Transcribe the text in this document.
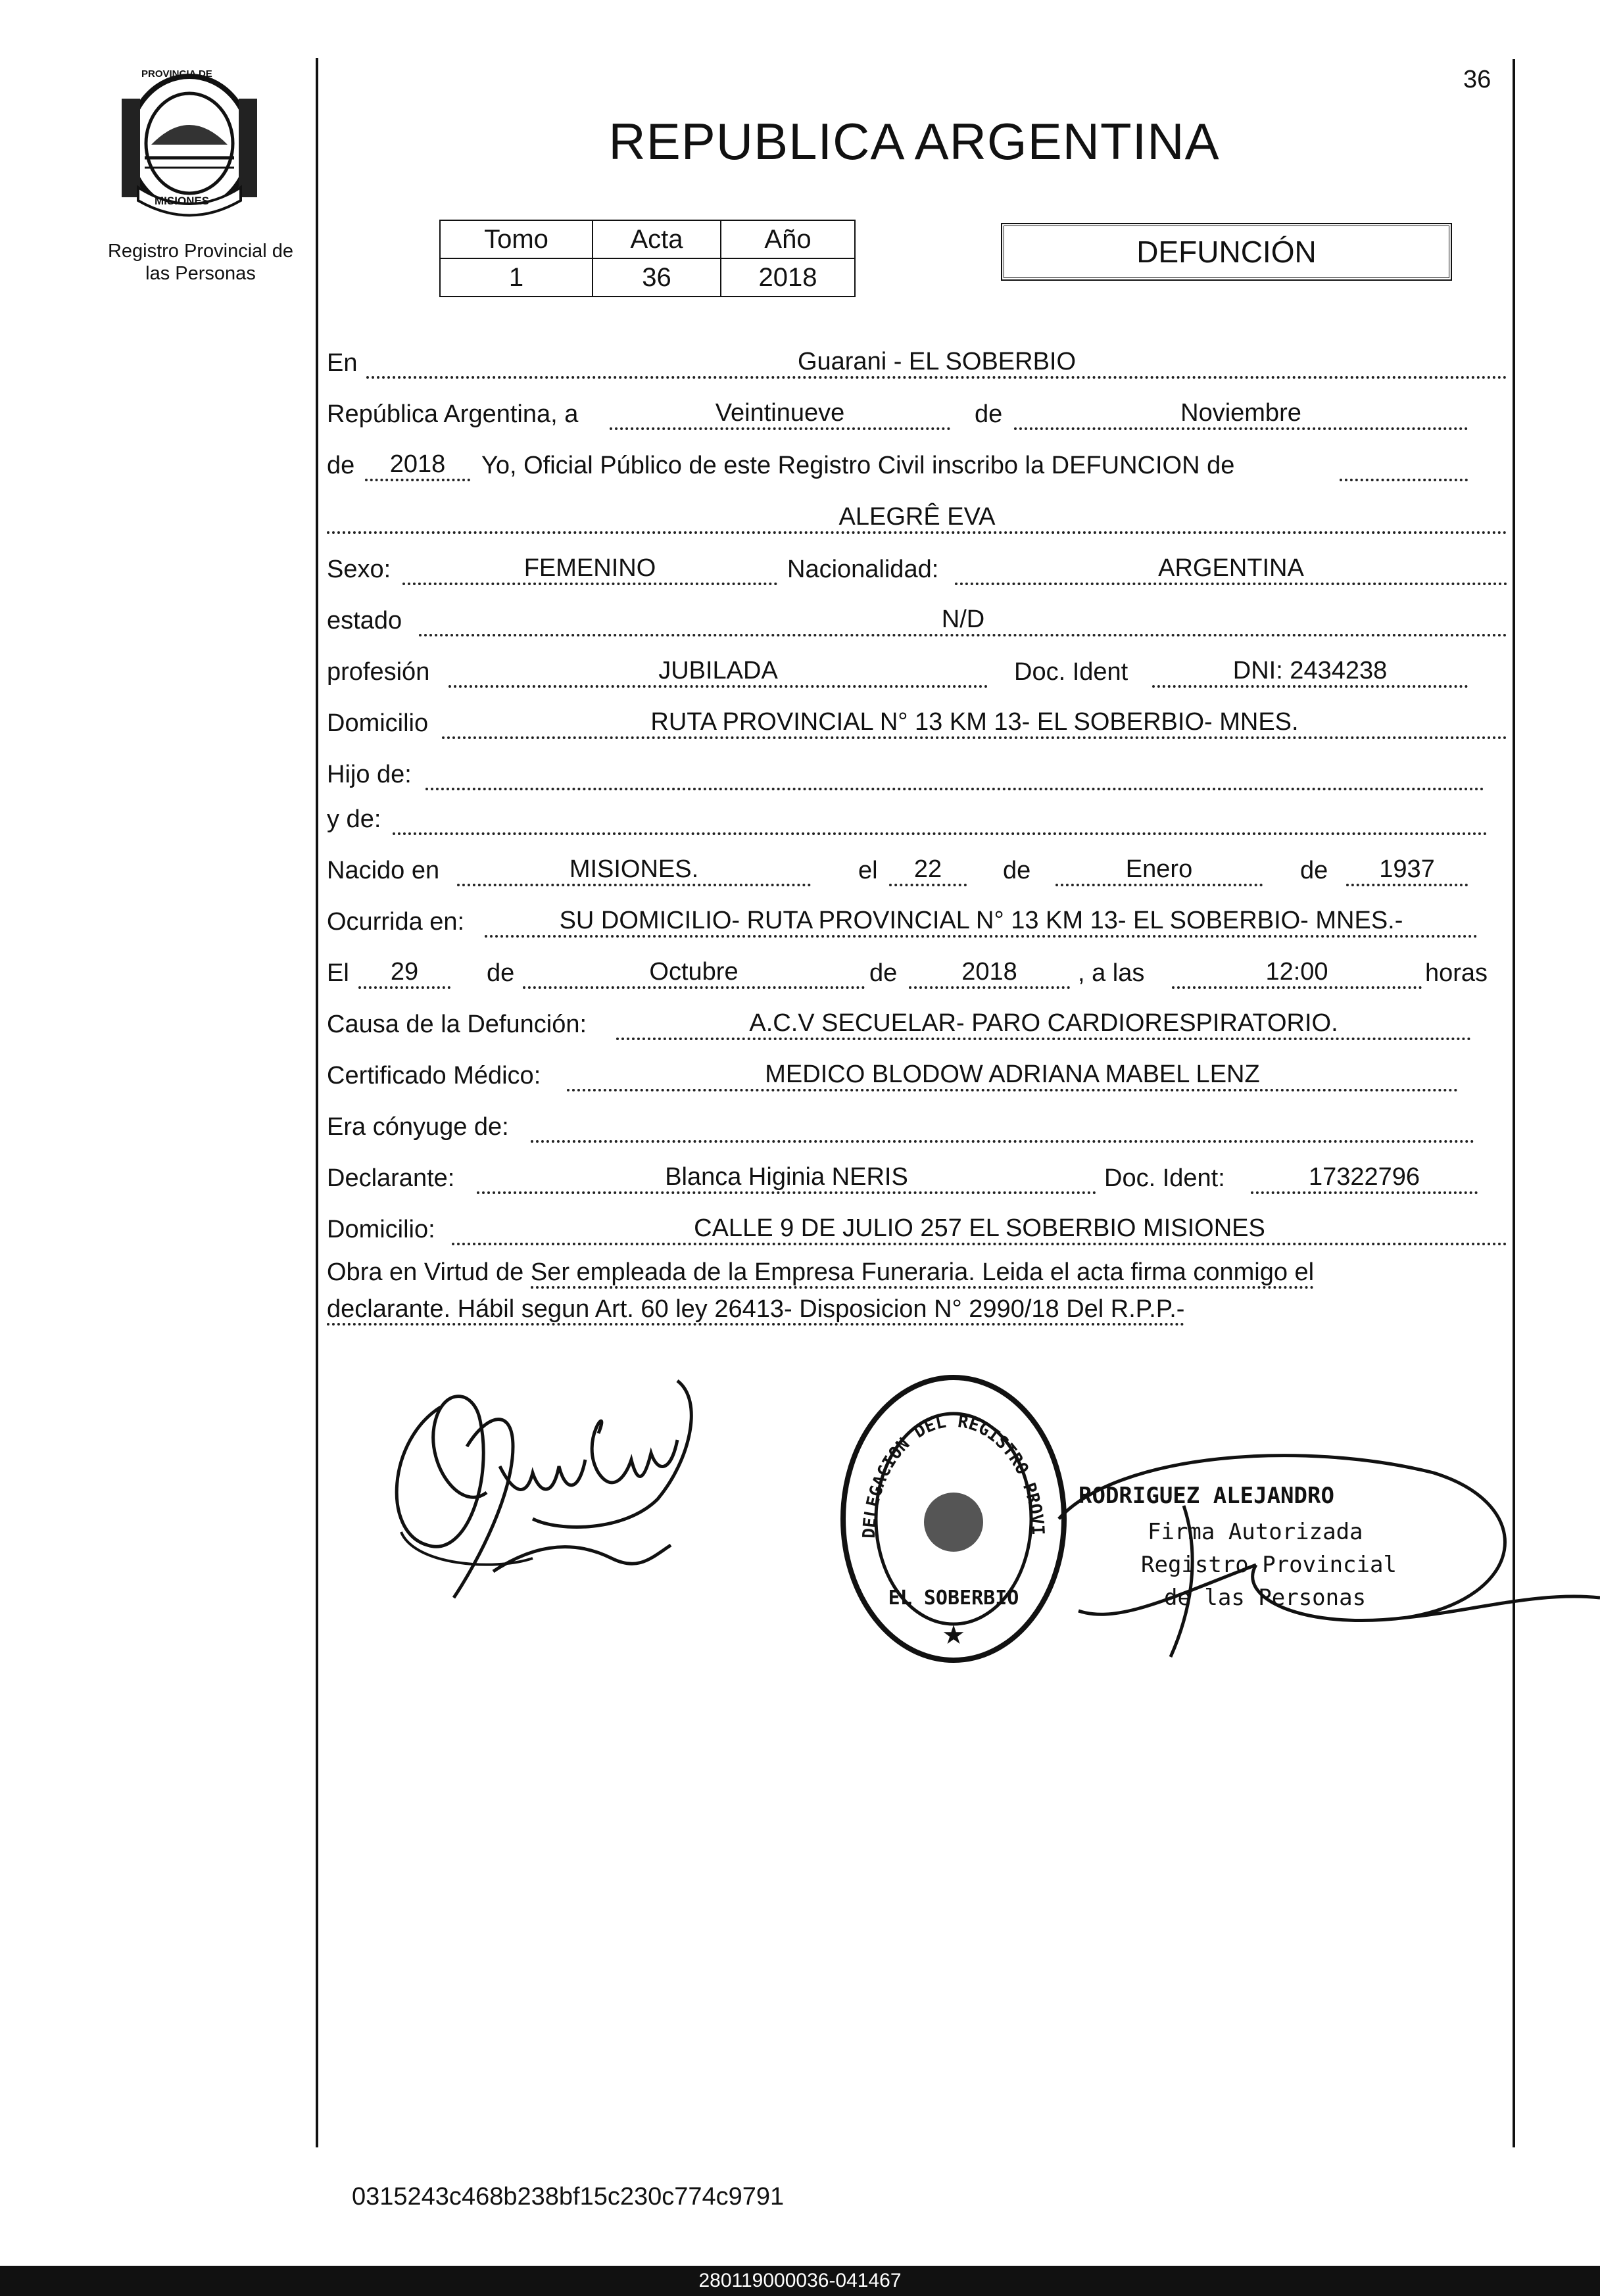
PROVINCIA DE
MISIONES
Registro Provincial de
las Personas
36
REPUBLICA ARGENTINA
Tomo	Acta	Año
1	36	2018
DEFUNCIÓN
En	Guarani - EL SOBERBIO
República Argentina, a	Veintinueve	de	Noviembre
de	2018	Yo, Oficial Público de este Registro Civil inscribo la DEFUNCION de
ALEGRÊ EVA
Sexo:	FEMENINO	Nacionalidad:	ARGENTINA
estado	N/D
profesión	JUBILADA	Doc. Ident	DNI: 2434238
Domicilio	RUTA PROVINCIAL N° 13 KM 13- EL SOBERBIO- MNES.
Hijo de:
y de:
Nacido en	MISIONES.	el	22	de	Enero	de	1937
Ocurrida en:	SU DOMICILIO- RUTA PROVINCIAL N° 13 KM 13- EL SOBERBIO- MNES.-
El	29	de	Octubre	de	2018	, a las	12:00	horas
Causa de la Defunción:	A.C.V SECUELAR- PARO CARDIORESPIRATORIO.
Certificado Médico:	MEDICO BLODOW ADRIANA MABEL LENZ
Era cónyuge de:
Declarante:	Blanca Higinia NERIS	Doc. Ident:	17322796
Domicilio:	CALLE 9 DE JULIO 257 EL SOBERBIO MISIONES
Obra en Virtud de Ser empleada de la Empresa Funeraria. Leida el acta firma conmigo el
declarante. Hábil segun Art. 60 ley 26413- Disposicion N° 2990/18 Del R.P.P.-
DELEGACION DEL REGISTRO PROVI
EL SOBERBIO
★
RODRIGUEZ ALEJANDRO
Firma Autorizada
Registro Provincial
de las Personas
0315243c468b238bf15c230c774c9791
280119000036-041467
